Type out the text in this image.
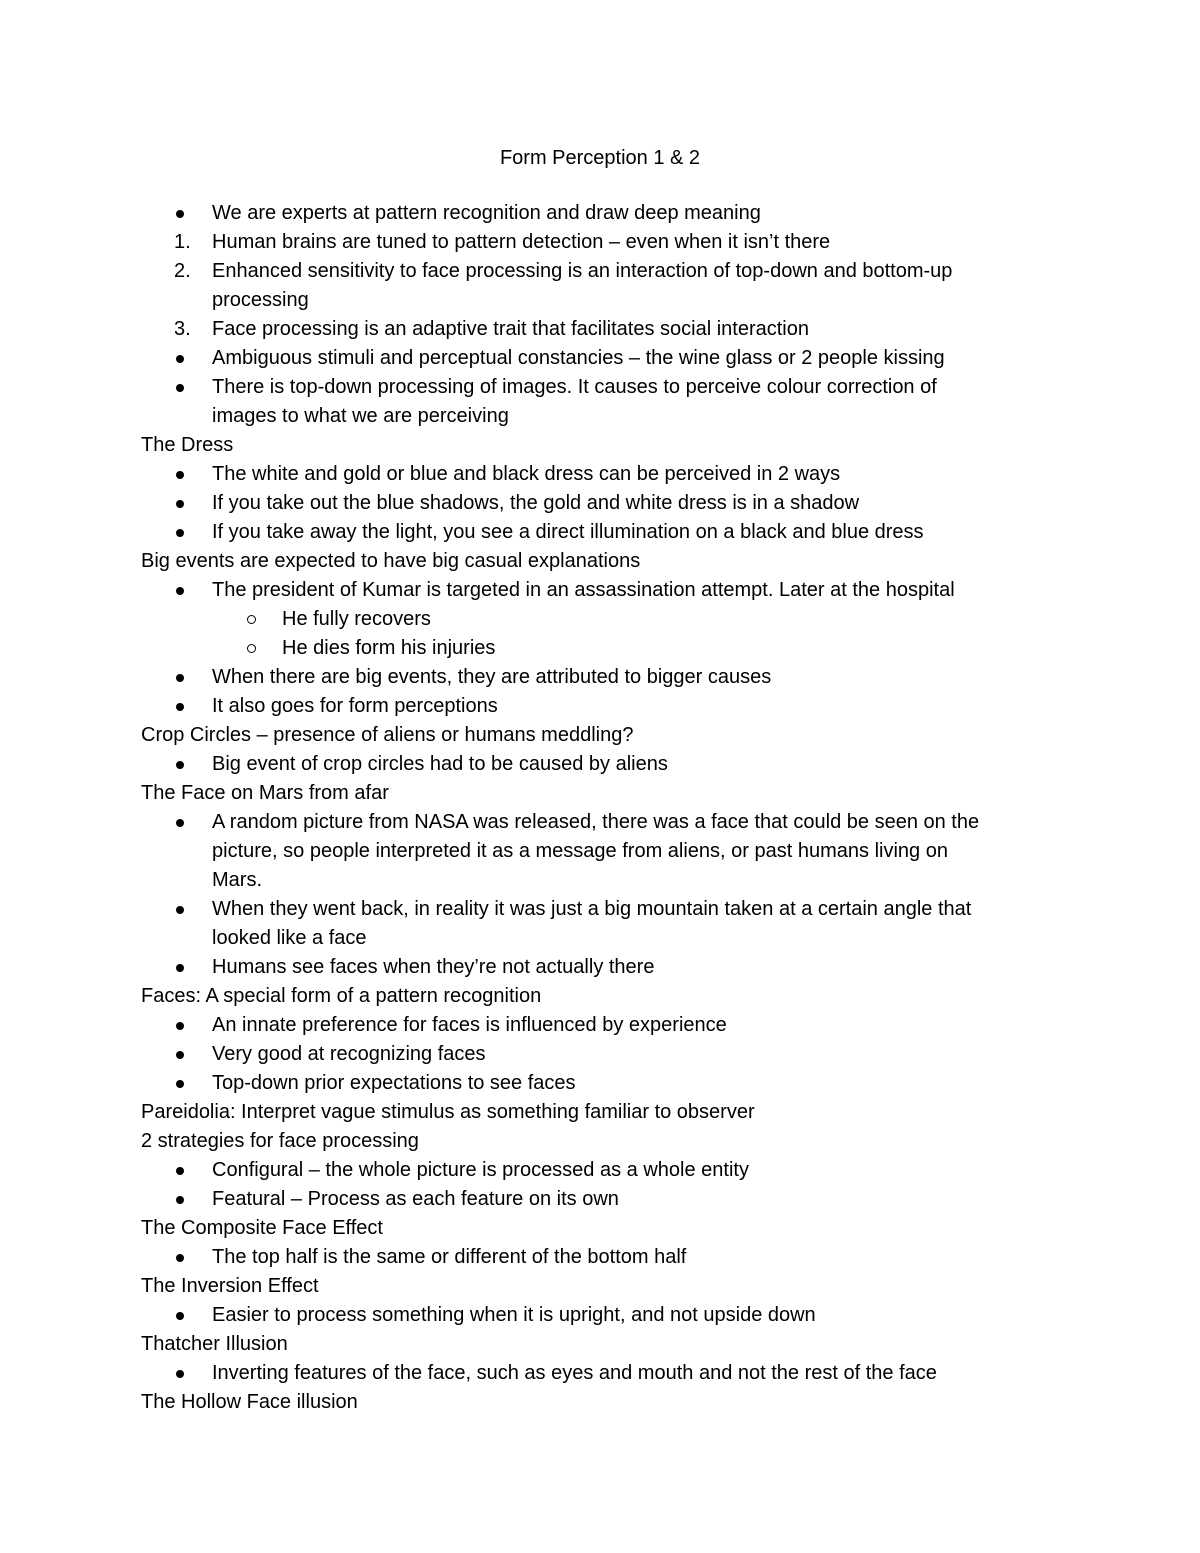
Form Perception 1 & 2
We are experts at pattern recognition and draw deep meaning
1. Human brains are tuned to pattern detection – even when it isn’t there
2. Enhanced sensitivity to face processing is an interaction of top-down and bottom-up
processing
3. Face processing is an adaptive trait that facilitates social interaction
Ambiguous stimuli and perceptual constancies – the wine glass or 2 people kissing
There is top-down processing of images. It causes to perceive colour correction of
images to what we are perceiving
The Dress
The white and gold or blue and black dress can be perceived in 2 ways
If you take out the blue shadows, the gold and white dress is in a shadow
If you take away the light, you see a direct illumination on a black and blue dress
Big events are expected to have big casual explanations
The president of Kumar is targeted in an assassination attempt. Later at the hospital
He fully recovers
He dies form his injuries
When there are big events, they are attributed to bigger causes
It also goes for form perceptions
Crop Circles – presence of aliens or humans meddling?
Big event of crop circles had to be caused by aliens
The Face on Mars from afar
A random picture from NASA was released, there was a face that could be seen on the
picture, so people interpreted it as a message from aliens, or past humans living on
Mars.
When they went back, in reality it was just a big mountain taken at a certain angle that
looked like a face
Humans see faces when they’re not actually there
Faces: A special form of a pattern recognition
An innate preference for faces is influenced by experience
Very good at recognizing faces
Top-down prior expectations to see faces
Pareidolia: Interpret vague stimulus as something familiar to observer
2 strategies for face processing
Configural – the whole picture is processed as a whole entity
Featural – Process as each feature on its own
The Composite Face Effect
The top half is the same or different of the bottom half
The Inversion Effect
Easier to process something when it is upright, and not upside down
Thatcher Illusion
Inverting features of the face, such as eyes and mouth and not the rest of the face
The Hollow Face illusion
